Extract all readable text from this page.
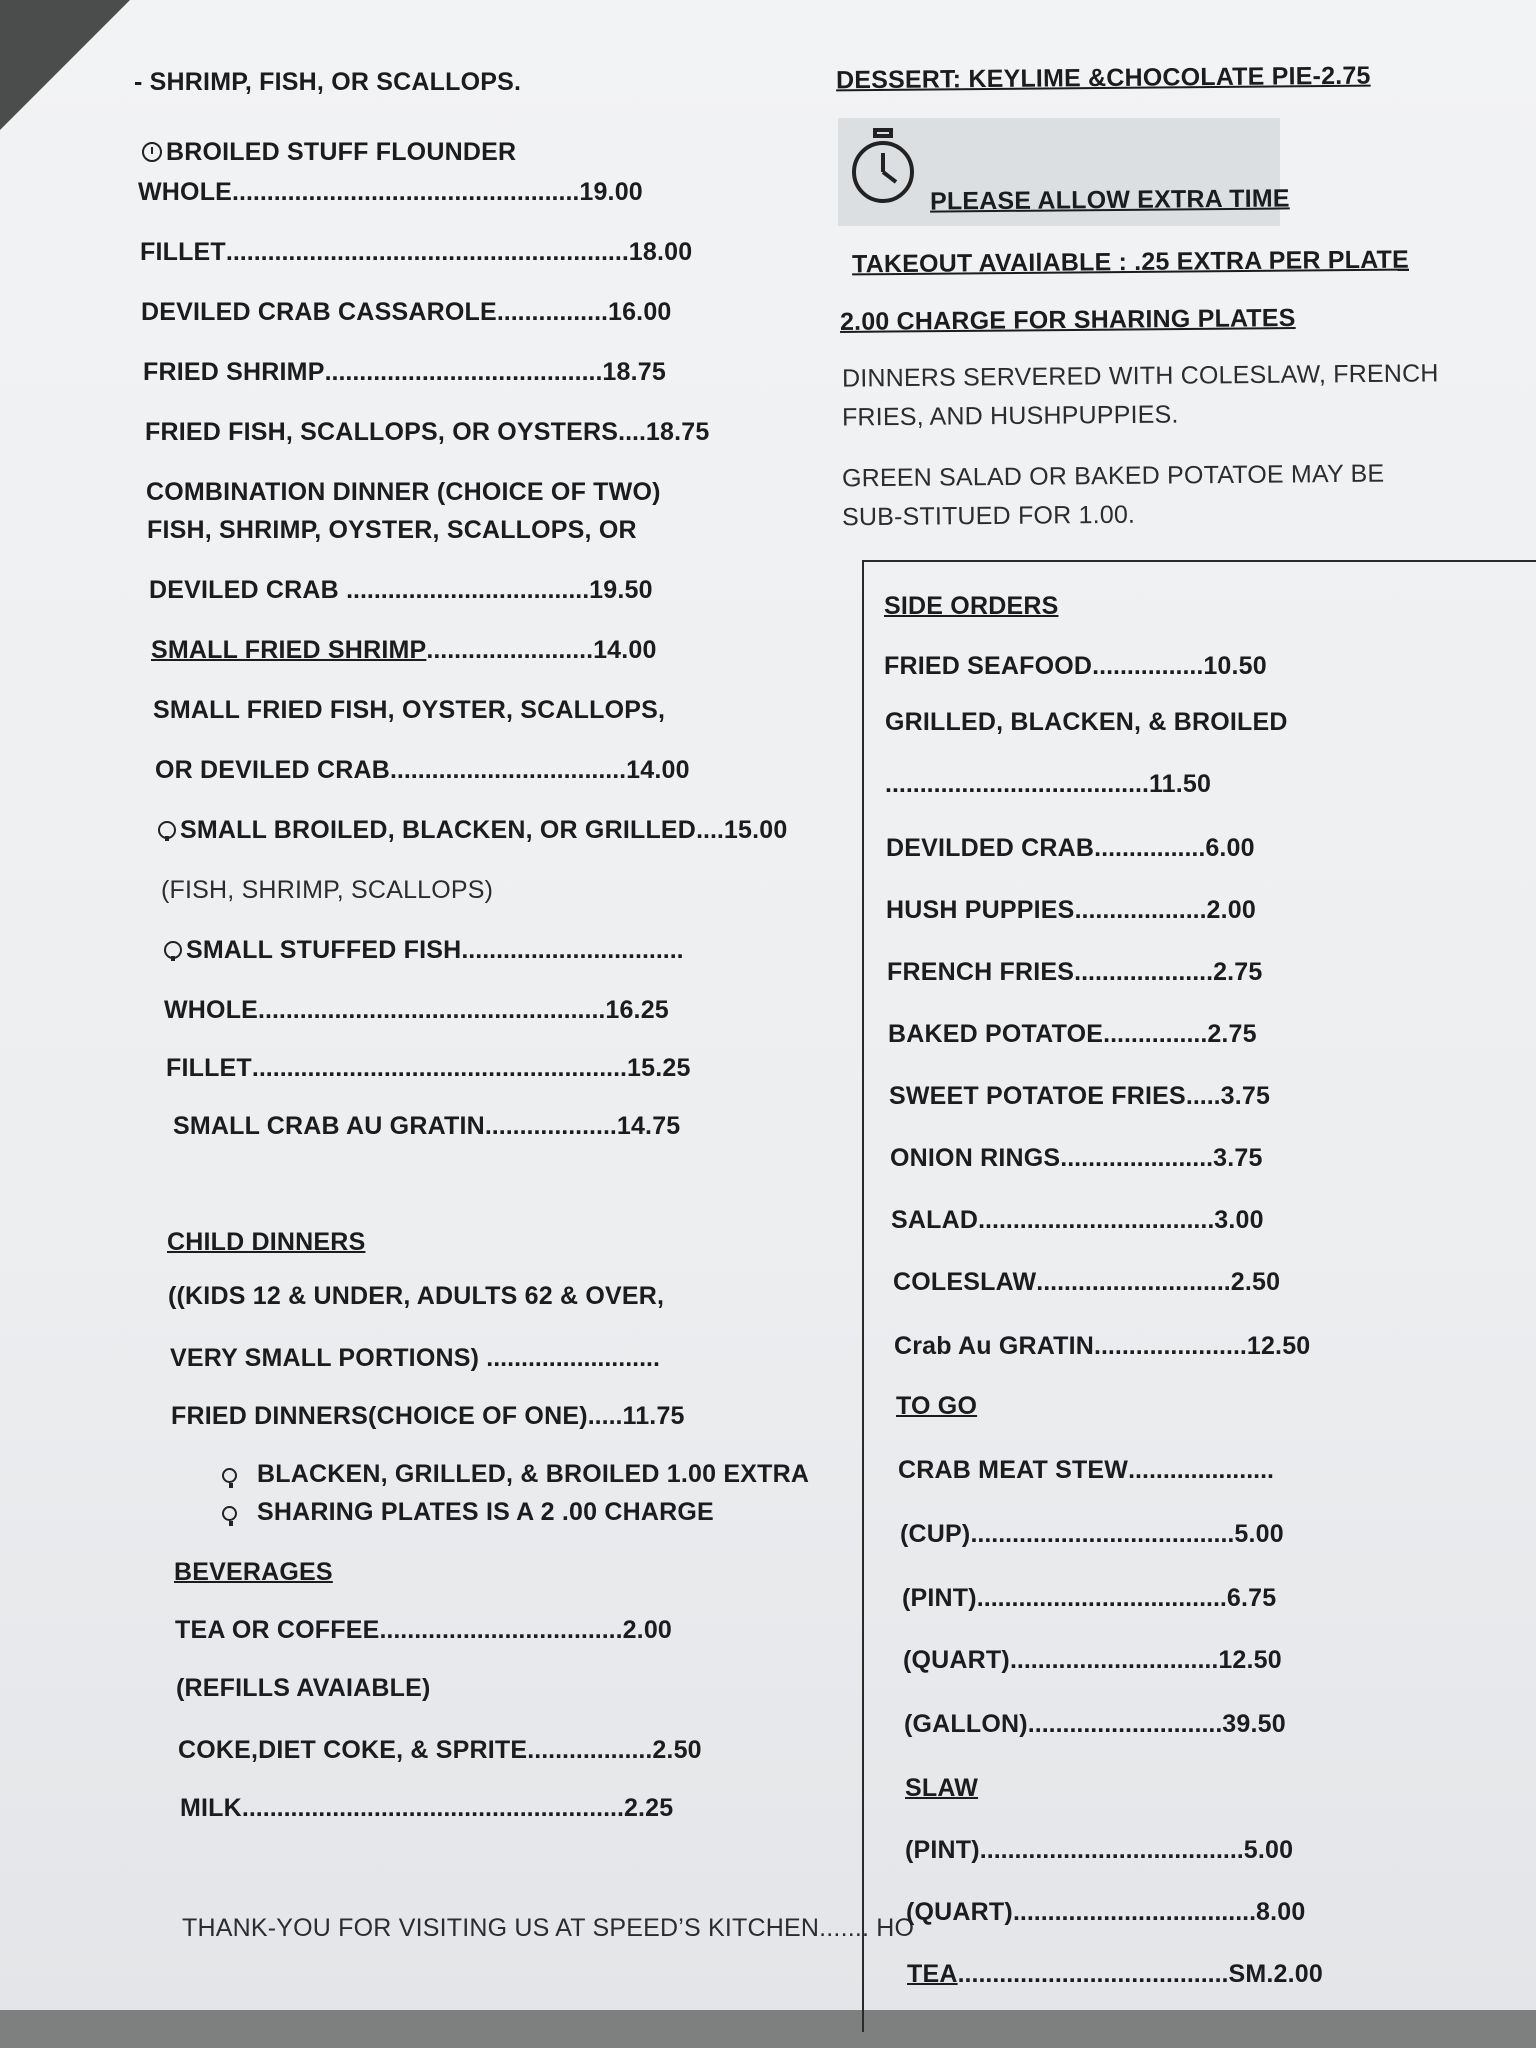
- SHRIMP, FISH, OR SCALLOPS.
BROILED STUFF FLOUNDER
WHOLE..................................................19.00
FILLET..........................................................18.00
DEVILED CRAB CASSAROLE................16.00
FRIED SHRIMP........................................18.75
FRIED FISH, SCALLOPS, OR OYSTERS....18.75
COMBINATION DINNER (CHOICE OF TWO)
FISH, SHRIMP, OYSTER, SCALLOPS, OR
DEVILED CRAB ...................................19.50
SMALL FRIED SHRIMP........................14.00
SMALL FRIED FISH, OYSTER, SCALLOPS,
OR DEVILED CRAB..................................14.00
SMALL BROILED, BLACKEN, OR GRILLED....15.00
(FISH, SHRIMP, SCALLOPS)
SMALL STUFFED FISH................................
WHOLE..................................................16.25
FILLET......................................................15.25
SMALL CRAB AU GRATIN...................14.75
CHILD DINNERS
((KIDS 12 & UNDER, ADULTS 62 & OVER,
VERY SMALL PORTIONS) .........................
FRIED DINNERS(CHOICE OF ONE).....11.75
BLACKEN, GRILLED, & BROILED 1.00 EXTRA
SHARING PLATES IS A 2 .00 CHARGE
BEVERAGES
TEA OR COFFEE...................................2.00
(REFILLS AVAIABLE)
COKE,DIET COKE, & SPRITE..................2.50
MILK.......................................................2.25
THANK-YOU FOR VISITING US AT SPEED’S KITCHEN....... HO
DESSERT: KEYLIME &CHOCOLATE PIE-2.75
PLEASE ALLOW EXTRA TIME
TAKEOUT AVAIlABLE : .25 EXTRA PER PLATE
2.00 CHARGE FOR SHARING PLATES
DINNERS SERVERED WITH COLESLAW, FRENCH
FRIES, AND HUSHPUPPIES.
GREEN SALAD OR BAKED POTATOE MAY BE
SUB-STITUED FOR 1.00.
SIDE ORDERS
FRIED SEAFOOD................10.50
GRILLED, BLACKEN, & BROILED
......................................11.50
DEVILDED CRAB................6.00
HUSH PUPPIES...................2.00
FRENCH FRIES....................2.75
BAKED POTATOE...............2.75
SWEET POTATOE FRIES.....3.75
ONION RINGS......................3.75
SALAD..................................3.00
COLESLAW............................2.50
Crab Au GRATIN......................12.50
TO GO
CRAB MEAT STEW.....................
(CUP)......................................5.00
(PINT)....................................6.75
(QUART)..............................12.50
(GALLON)............................39.50
SLAW
(PINT)......................................5.00
(QUART)...................................8.00
TEA.......................................SM.2.00
